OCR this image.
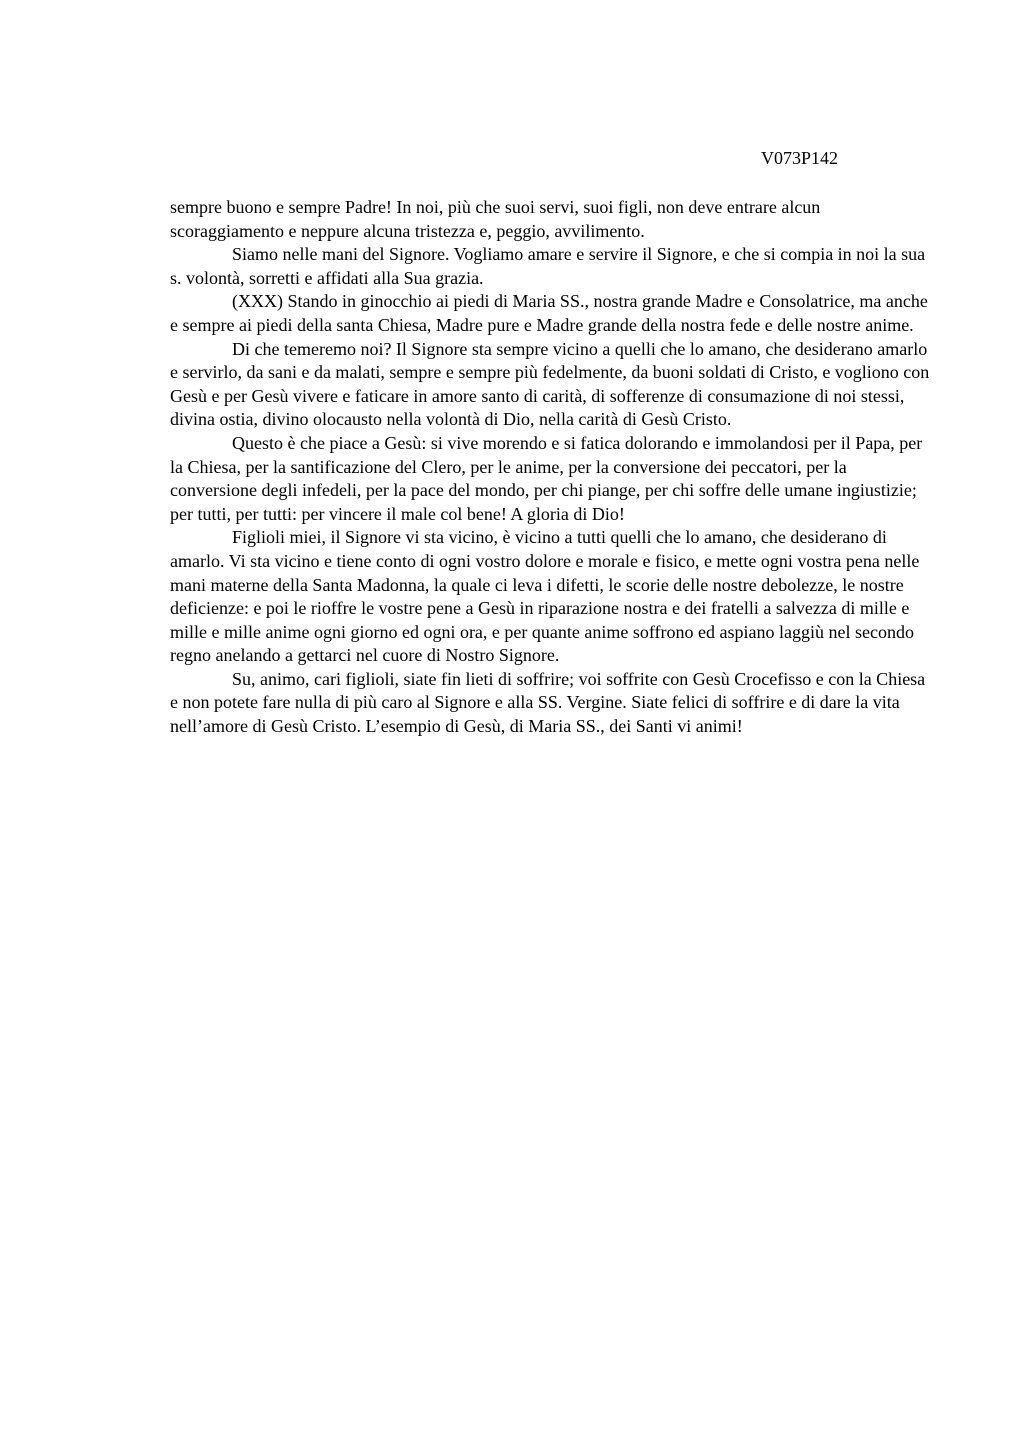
V073P142

sempre buono e sempre Padre! In noi, più che suoi servi, suoi figli, non deve entrare alcun scoraggiamento e neppure alcuna tristezza e, peggio, avvilimento.

Siamo nelle mani del Signore. Vogliamo amare e servire il Signore, e che si compia in noi la sua s. volontà, sorretti e affidati alla Sua grazia.

(XXX) Stando in ginocchio ai piedi di Maria SS., nostra grande Madre e Consolatrice, ma anche e sempre ai piedi della santa Chiesa, Madre pure e Madre grande della nostra fede e delle nostre anime.

Di che temeremo noi? Il Signore sta sempre vicino a quelli che lo amano, che desiderano amarlo e servirlo, da sani e da malati, sempre e sempre più fedelmente, da buoni soldati di Cristo, e vogliono con Gesù e per Gesù vivere e faticare in amore santo di carità, di sofferenze di consumazione di noi stessi, divina ostia, divino olocausto nella volontà di Dio, nella carità di Gesù Cristo.

Questo è che piace a Gesù: si vive morendo e si fatica dolorando e immolandosi per il Papa, per la Chiesa, per la santificazione del Clero, per le anime, per la conversione dei peccatori, per la conversione degli infedeli, per la pace del mondo, per chi piange, per chi soffre delle umane ingiustizie; per tutti, per tutti: per vincere il male col bene! A gloria di Dio!

Figlioli miei, il Signore vi sta vicino, è vicino a tutti quelli che lo amano, che desiderano di amarlo. Vi sta vicino e tiene conto di ogni vostro dolore e morale e fisico, e mette ogni vostra pena nelle mani materne della Santa Madonna, la quale ci leva i difetti, le scorie delle nostre debolezze, le nostre deficienze: e poi le rioffre le vostre pene a Gesù in riparazione nostra e dei fratelli a salvezza di mille e mille e mille anime ogni giorno ed ogni ora, e per quante anime soffrono ed aspiano laggiù nel secondo regno anelando a gettarci nel cuore di Nostro Signore.

Su, animo, cari figlioli, siate fin lieti di soffrire; voi soffrite con Gesù Crocefisso e con la Chiesa e non potete fare nulla di più caro al Signore e alla SS. Vergine. Siate felici di soffrire e di dare la vita nell’amore di Gesù Cristo. L’esempio di Gesù, di Maria SS., dei Santi vi animi!
